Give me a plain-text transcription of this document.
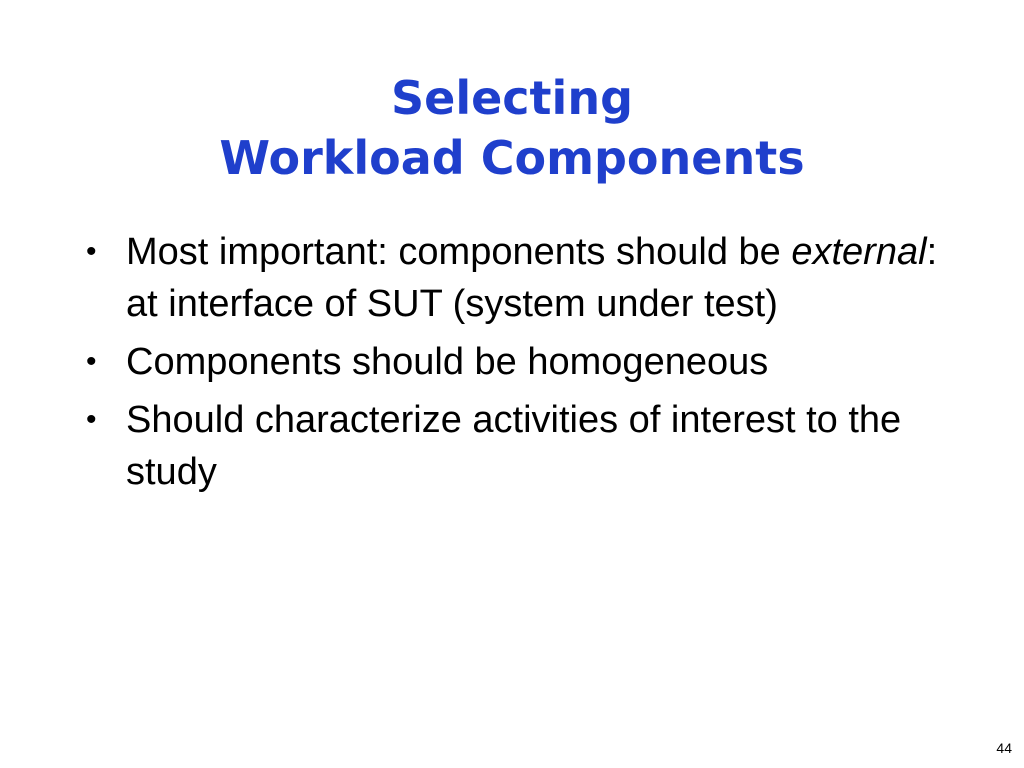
Selecting
Workload Components
• Most important: components should be external: at interface of SUT (system under test)
• Components should be homogeneous
• Should characterize activities of interest to the study
44
